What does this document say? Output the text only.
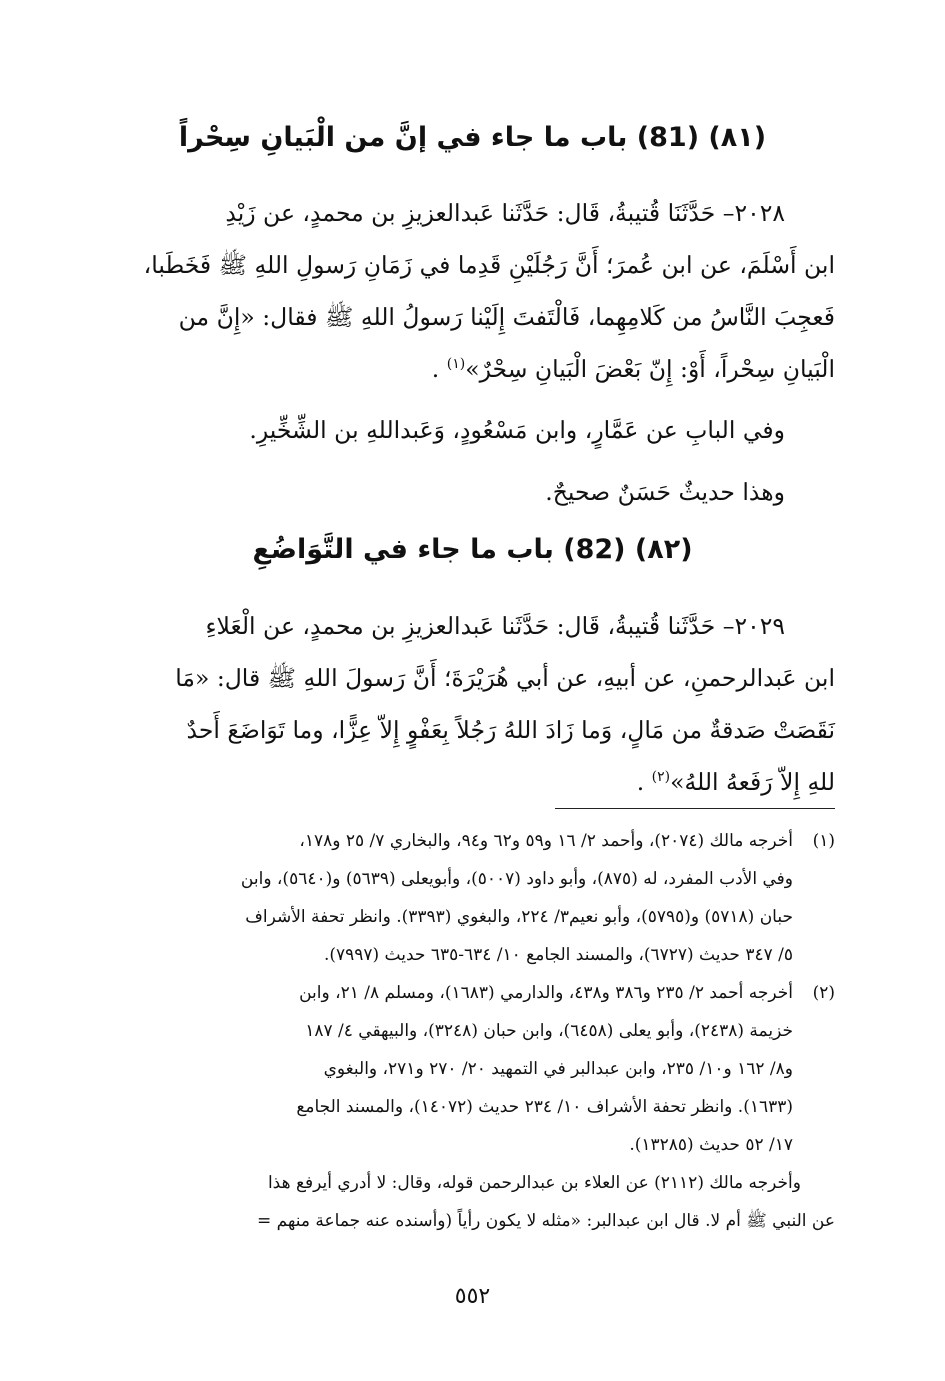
(٨١) (81) باب ما جاء في إنَّ من الْبَيانِ سِحْراً

٢٠٢٨– حَدَّثَنَا قُتيبةُ، قَال: حَدَّثَنا عَبدالعزيزِ بن محمدٍ، عن زَيْدِ

ابن أَسْلَمَ، عن ابن عُمرَ؛ أَنَّ رَجُلَيْنِ قَدِما في زَمَانِ رَسولِ اللهِ ﷺ فَخَطَبا،

فَعجِبَ النَّاسُ من كَلامِهِما، فَالْتَفتَ إِلَيْنا رَسولُ اللهِ ﷺ فقال: «إِنَّ من

الْبَيانِ سِحْراً، أَوْ: إِنّ بَعْضَ الْبَيانِ سِحْرٌ»$^{(١)}$ .

وفي البابِ عن عَمَّارٍ، وابن مَسْعُودٍ، وَعَبداللهِ بن الشِّخِّيرِ.
وهذا حديثٌ حَسَنٌ صحيحٌ.
(٨٢) (82) باب ما جاء في التَّوَاضُعِ

٢٠٢٩– حَدَّثَنا قُتيبةُ، قَال: حَدَّثَنا عَبدالعزيزِ بن محمدٍ، عن الْعَلاءِ

ابن عَبدالرحمنِ، عن أبيهِ، عن أبي هُرَيْرَةَ؛ أَنَّ رَسولَ اللهِ ﷺ قال: «مَا

نَقَصَتْ صَدقةٌ من مَالٍ، وَما زَادَ اللهُ رَجُلاً بِعَفْوٍ إِلاّ عِزًّا، وما تَوَاضَعَ أَحدٌ

للهِ إِلاّ رَفَعهُ اللهُ»$^{(٢)}$ .

(١)
أخرجه مالك (٢٠٧٤)، وأحمد ٢/ ١٦ و٥٩ و٦٢ و٩٤، والبخاري ٧/ ٢٥ و١٧٨،
وفي الأدب المفرد، له (٨٧٥)، وأبو داود (٥٠٠٧)، وأبويعلى (٥٦٣٩) و(٥٦٤٠)، وابن
حبان (٥٧١٨) و(٥٧٩٥)، وأبو نعيم٣/ ٢٢٤، والبغوي (٣٣٩٣). وانظر تحفة الأشراف
٥/ ٣٤٧ حديث (٦٧٢٧)، والمسند الجامع ١٠/ ٦٣٤-٦٣٥ حديث (٧٩٩٧).
(٢)
أخرجه أحمد ٢/ ٢٣٥ و٣٨٦ و٤٣٨، والدارمي (١٦٨٣)، ومسلم ٨/ ٢١، وابن
خزيمة (٢٤٣٨)، وأبو يعلى (٦٤٥٨)، وابن حبان (٣٢٤٨)، والبيهقي ٤/ ١٨٧
و٨/ ١٦٢ و١٠/ ٢٣٥، وابن عبدالبر في التمهيد ٢٠/ ٢٧٠ و٢٧١، والبغوي
(١٦٣٣). وانظر تحفة الأشراف ١٠/ ٢٣٤ حديث (١٤٠٧٢)، والمسند الجامع
١٧/ ٥٢ حديث (١٣٢٨٥).
وأخرجه مالك (٢١١٢) عن العلاء بن عبدالرحمن قوله، وقال: لا أدري أيرفع هذا
عن النبي ﷺ أم لا. قال ابن عبدالبر: «مثله لا يكون رأياً (وأسنده عنه جماعة منهم =
٥٥٢
